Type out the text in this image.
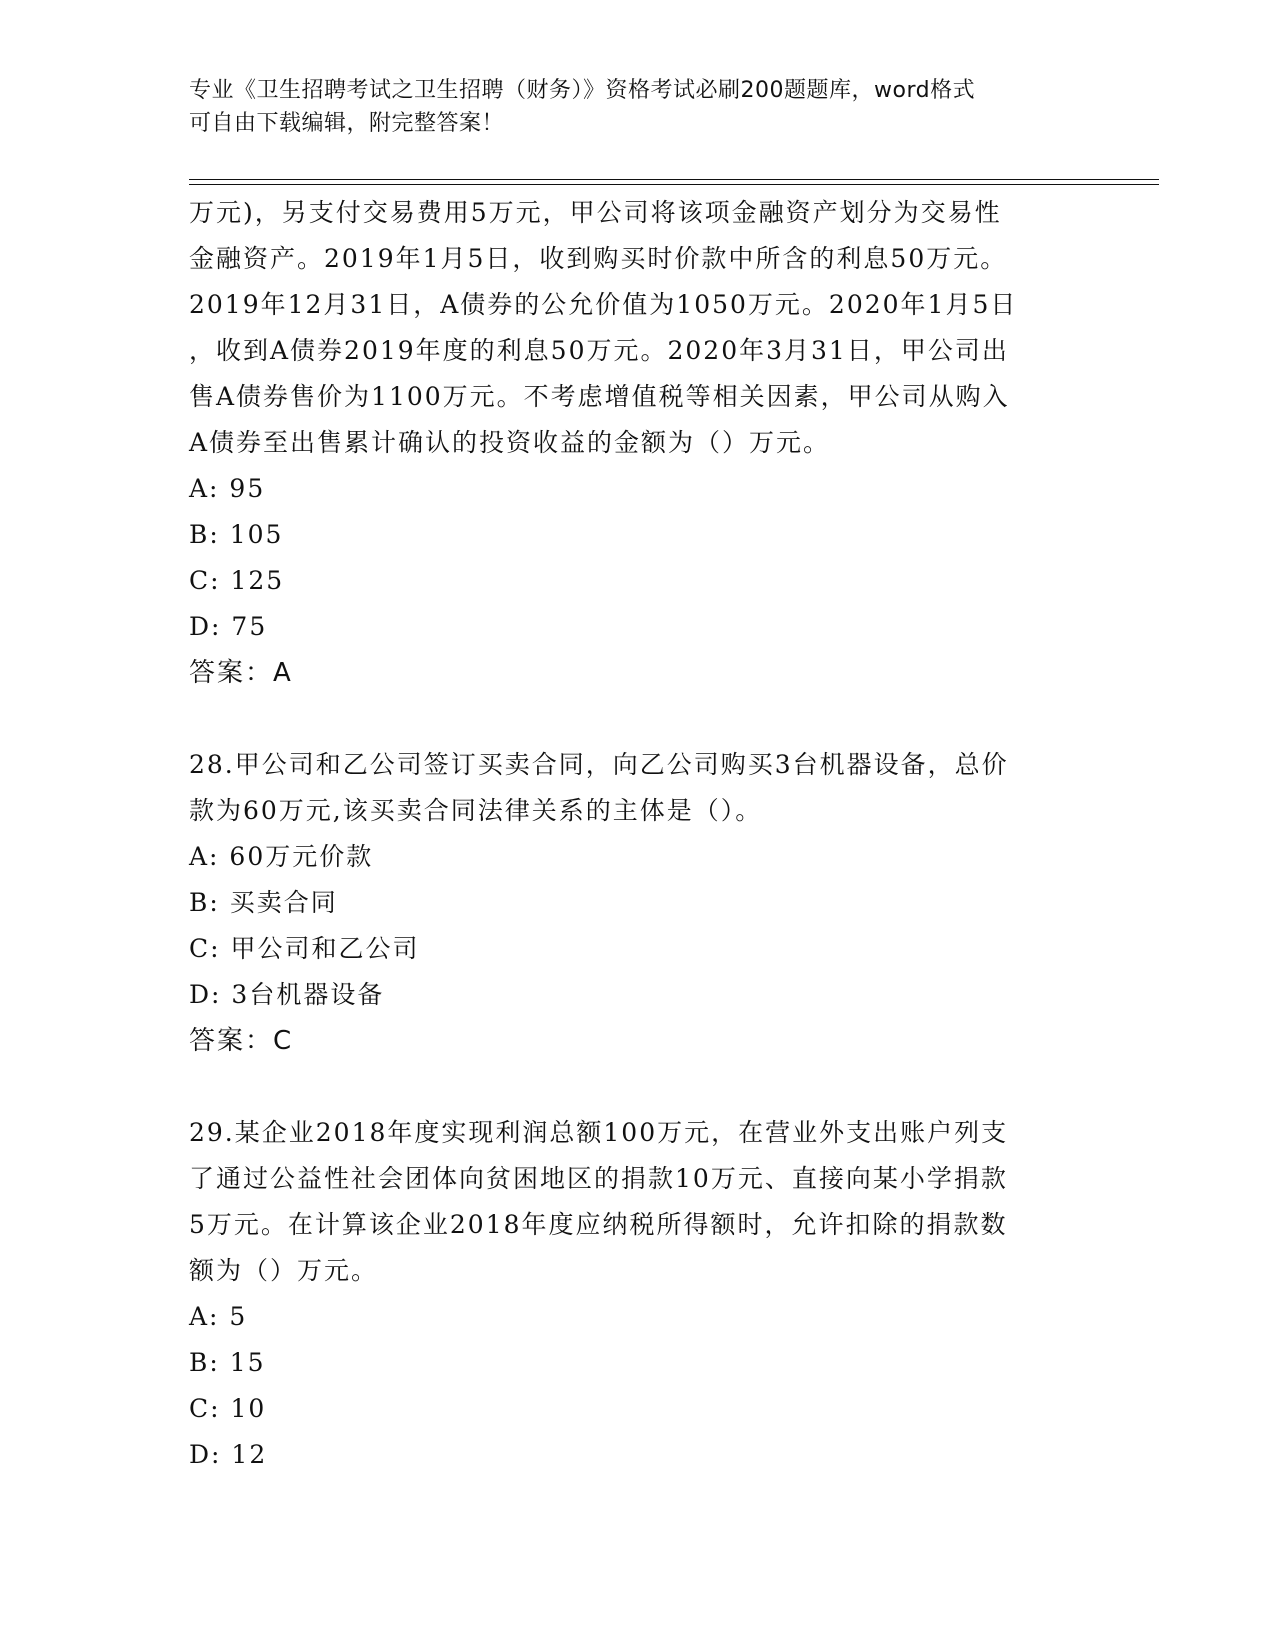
专业《卫生招聘考试之卫生招聘（财务）》资格考试必刷200题题库，word格式
可自由下载编辑，附完整答案！

万元)，另支付交易费用5万元，甲公司将该项金融资产划分为交易性

金融资产。2019年1月5日，收到购买时价款中所含的利息50万元。

2019年12月31日，A债券的公允价值为1050万元。2020年1月5日

，收到A债券2019年度的利息50万元。2020年3月31日，甲公司出

售A债券售价为1100万元。不考虑增值税等相关因素，甲公司从购入

A债券至出售累计确认的投资收益的金额为（）万元。

A: 95

B: 105

C: 125

D: 75

答案：A

28.甲公司和乙公司签订买卖合同，向乙公司购买3台机器设备，总价

款为60万元,该买卖合同法律关系的主体是（）。

A: 60万元价款

B: 买卖合同

C: 甲公司和乙公司

D: 3台机器设备

答案：C

29.某企业2018年度实现利润总额100万元，在营业外支出账户列支

了通过公益性社会团体向贫困地区的捐款10万元、直接向某小学捐款

5万元。在计算该企业2018年度应纳税所得额时，允许扣除的捐款数

额为（）万元。

A: 5

B: 15

C: 10

D: 12
